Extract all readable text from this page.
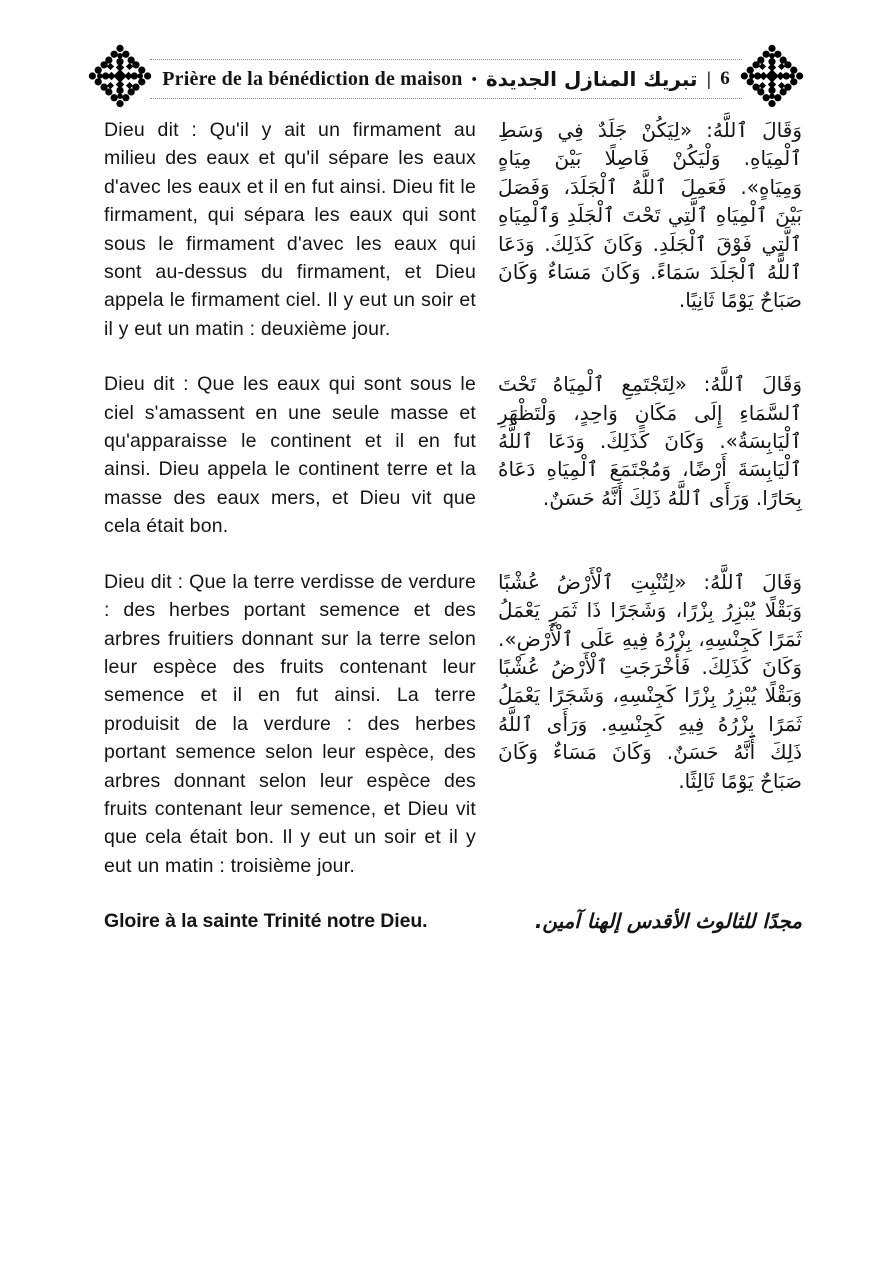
Prière de la bénédiction de maison • تبريك المنازل الجديدة | 6

Dieu dit : Qu'il y ait un firmament au milieu des eaux et qu'il sépare les eaux d'avec les eaux et il en fut ainsi. Dieu fit le firmament, qui sépara les eaux qui sont sous le firmament d'avec les eaux qui sont au-dessus du firmament, et Dieu appela le firmament ciel. Il y eut un soir et il y eut un matin : deuxième jour.

وَقَالَ ٱللَّهُ: «لِيَكُنْ جَلَدٌ فِي وَسَطِ ٱلْمِيَاهِ. وَلْيَكُنْ فَاصِلًا بَيْنَ مِيَاهٍ وَمِيَاهٍ». فَعَمِلَ ٱللَّهُ ٱلْجَلَدَ، وَفَصَلَ بَيْنَ ٱلْمِيَاهِ ٱلَّتِي تَحْتَ ٱلْجَلَدِ وَٱلْمِيَاهِ ٱلَّتِي فَوْقَ ٱلْجَلَدِ. وَكَانَ كَذَلِكَ. وَدَعَا ٱللَّهُ ٱلْجَلَدَ سَمَاءً. وَكَانَ مَسَاءٌ وَكَانَ صَبَاحٌ يَوْمًا ثَانِيًا.

Dieu dit : Que les eaux qui sont sous le ciel s'amassent en une seule masse et qu'apparaisse le continent et il en fut ainsi. Dieu appela le continent terre et la masse des eaux mers, et Dieu vit que cela était bon.

وَقَالَ ٱللَّهُ: «لِتَجْتَمِعِ ٱلْمِيَاهُ تَحْتَ ٱلسَّمَاءِ إِلَى مَكَانٍ وَاحِدٍ، وَلْتَظْهَرِ ٱلْيَابِسَةُ». وَكَانَ كَذَلِكَ. وَدَعَا ٱللَّهُ ٱلْيَابِسَةَ أَرْضًا، وَمُجْتَمَعَ ٱلْمِيَاهِ دَعَاهُ بِحَارًا. وَرَأَى ٱللَّهُ ذَلِكَ أَنَّهُ حَسَنٌ.

Dieu dit : Que la terre verdisse de verdure : des herbes portant semence et des arbres fruitiers donnant sur la terre selon leur espèce des fruits contenant leur semence et il en fut ainsi. La terre produisit de la verdure : des herbes portant semence selon leur espèce, des arbres donnant selon leur espèce des fruits contenant leur semence, et Dieu vit que cela était bon. Il y eut un soir et il y eut un matin : troisième jour.

وَقَالَ ٱللَّهُ: «لِتُنْبِتِ ٱلْأَرْضُ عُشْبًا وَبَقْلًا يُبْزِرُ بِزْرًا، وَشَجَرًا ذَا ثَمَرٍ يَعْمَلُ ثَمَرًا كَجِنْسِهِ، بِزْرُهُ فِيهِ عَلَى ٱلْأَرْضِ». وَكَانَ كَذَلِكَ. فَأَخْرَجَتِ ٱلْأَرْضُ عُشْبًا وَبَقْلًا يُبْزِرُ بِزْرًا كَجِنْسِهِ، وَشَجَرًا يَعْمَلُ ثَمَرًا بِزْرُهُ فِيهِ كَجِنْسِهِ. وَرَأَى ٱللَّهُ ذَلِكَ أَنَّهُ حَسَنٌ. وَكَانَ مَسَاءٌ وَكَانَ صَبَاحٌ يَوْمًا ثَالِثًا.

Gloire à la sainte Trinité notre Dieu.	مجدًا للثالوث الأقدس إلهنا آمين.
